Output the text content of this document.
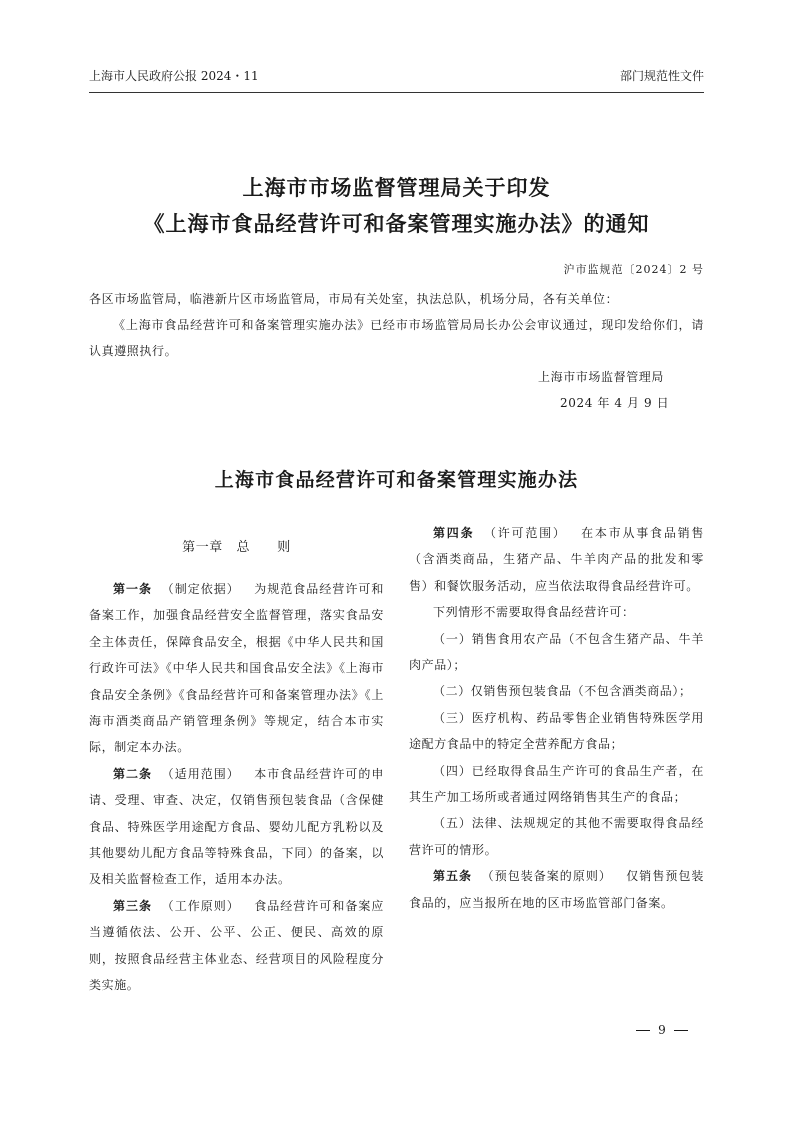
上海市人民政府公报 2024・11	部门规范性文件
上海市市场监督管理局关于印发
《上海市食品经营许可和备案管理实施办法》的通知
沪市监规范〔2024〕2 号
各区市场监管局，临港新片区市场监管局，市局有关处室，执法总队，机场分局，各有关单位：
《上海市食品经营许可和备案管理实施办法》已经市市场监管局局长办公会审议通过，现印发给你们，请认真遵照执行。
上海市市场监督管理局
2024 年 4 月 9 日
上海市食品经营许可和备案管理实施办法
第一章　总　　则

第一条 （制定依据） 为规范食品经营许可和备案工作，加强食品经营安全监督管理，落实食品安全主体责任，保障食品安全，根据《中华人民共和国行政许可法》《中华人民共和国食品安全法》《上海市食品安全条例》《食品经营许可和备案管理办法》《上海市酒类商品产销管理条例》等规定，结合本市实际，制定本办法。

第二条 （适用范围） 本市食品经营许可的申请、受理、审查、决定，仅销售预包装食品（含保健食品、特殊医学用途配方食品、婴幼儿配方乳粉以及其他婴幼儿配方食品等特殊食品，下同）的备案，以及相关监督检查工作，适用本办法。

第三条 （工作原则） 食品经营许可和备案应当遵循依法、公开、公平、公正、便民、高效的原则，按照食品经营主体业态、经营项目的风险程度分类实施。

第四条 （许可范围） 在本市从事食品销售（含酒类商品，生猪产品、牛羊肉产品的批发和零售）和餐饮服务活动，应当依法取得食品经营许可。

下列情形不需要取得食品经营许可：

（一）销售食用农产品（不包含生猪产品、牛羊肉产品）；

（二）仅销售预包装食品（不包含酒类商品）；

（三）医疗机构、药品零售企业销售特殊医学用途配方食品中的特定全营养配方食品；

（四）已经取得食品生产许可的食品生产者，在其生产加工场所或者通过网络销售其生产的食品；

（五）法律、法规规定的其他不需要取得食品经营许可的情形。

第五条 （预包装备案的原则） 仅销售预包装食品的，应当报所在地的区市场监管部门备案。

9
